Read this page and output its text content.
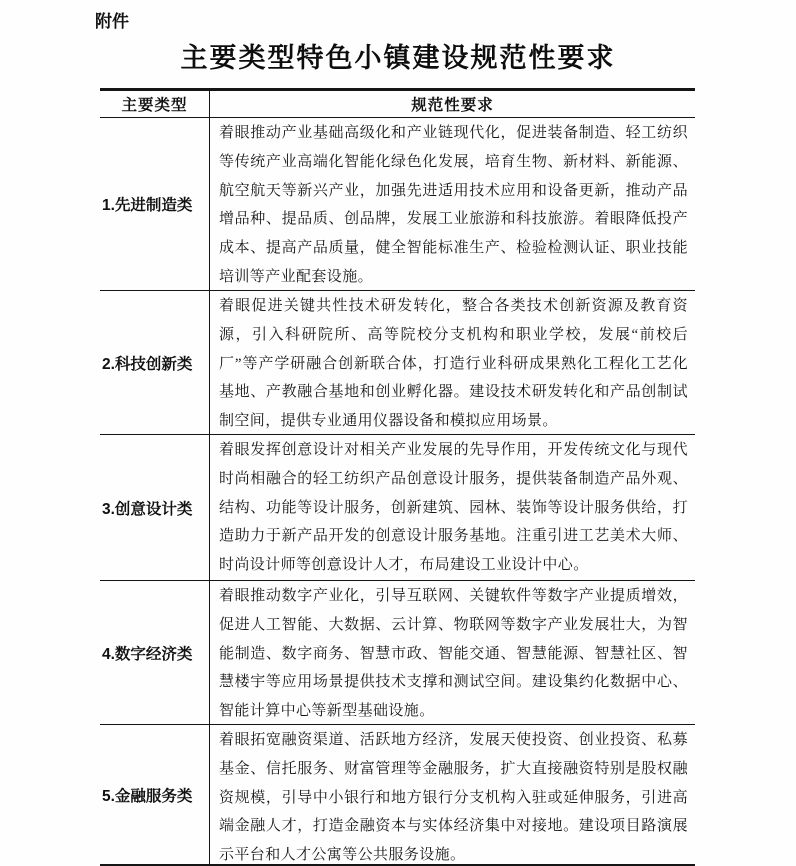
附件
主要类型特色小镇建设规范性要求
主要类型	规范性要求
1.先进制造类
着眼推动产业基础高级化和产业链现代化，促进装备制造、轻工纺织等传统产业高端化智能化绿色化发展，培育生物、新材料、新能源、航空航天等新兴产业，加强先进适用技术应用和设备更新，推动产品增品种、提品质、创品牌，发展工业旅游和科技旅游。着眼降低投产成本、提高产品质量，健全智能标准生产、检验检测认证、职业技能培训等产业配套设施。
2.科技创新类
着眼促进关键共性技术研发转化，整合各类技术创新资源及教育资源，引入科研院所、高等院校分支机构和职业学校，发展“前校后厂”等产学研融合创新联合体，打造行业科研成果熟化工程化工艺化基地、产教融合基地和创业孵化器。建设技术研发转化和产品创制试制空间，提供专业通用仪器设备和模拟应用场景。
3.创意设计类
着眼发挥创意设计对相关产业发展的先导作用，开发传统文化与现代时尚相融合的轻工纺织产品创意设计服务，提供装备制造产品外观、结构、功能等设计服务，创新建筑、园林、装饰等设计服务供给，打造助力于新产品开发的创意设计服务基地。注重引进工艺美术大师、时尚设计师等创意设计人才，布局建设工业设计中心。
4.数字经济类
着眼推动数字产业化，引导互联网、关键软件等数字产业提质增效，促进人工智能、大数据、云计算、物联网等数字产业发展壮大，为智能制造、数字商务、智慧市政、智能交通、智慧能源、智慧社区、智慧楼宇等应用场景提供技术支撑和测试空间。建设集约化数据中心、智能计算中心等新型基础设施。
5.金融服务类
着眼拓宽融资渠道、活跃地方经济，发展天使投资、创业投资、私募基金、信托服务、财富管理等金融服务，扩大直接融资特别是股权融资规模，引导中小银行和地方银行分支机构入驻或延伸服务，引进高端金融人才，打造金融资本与实体经济集中对接地。建设项目路演展示平台和人才公寓等公共服务设施。
